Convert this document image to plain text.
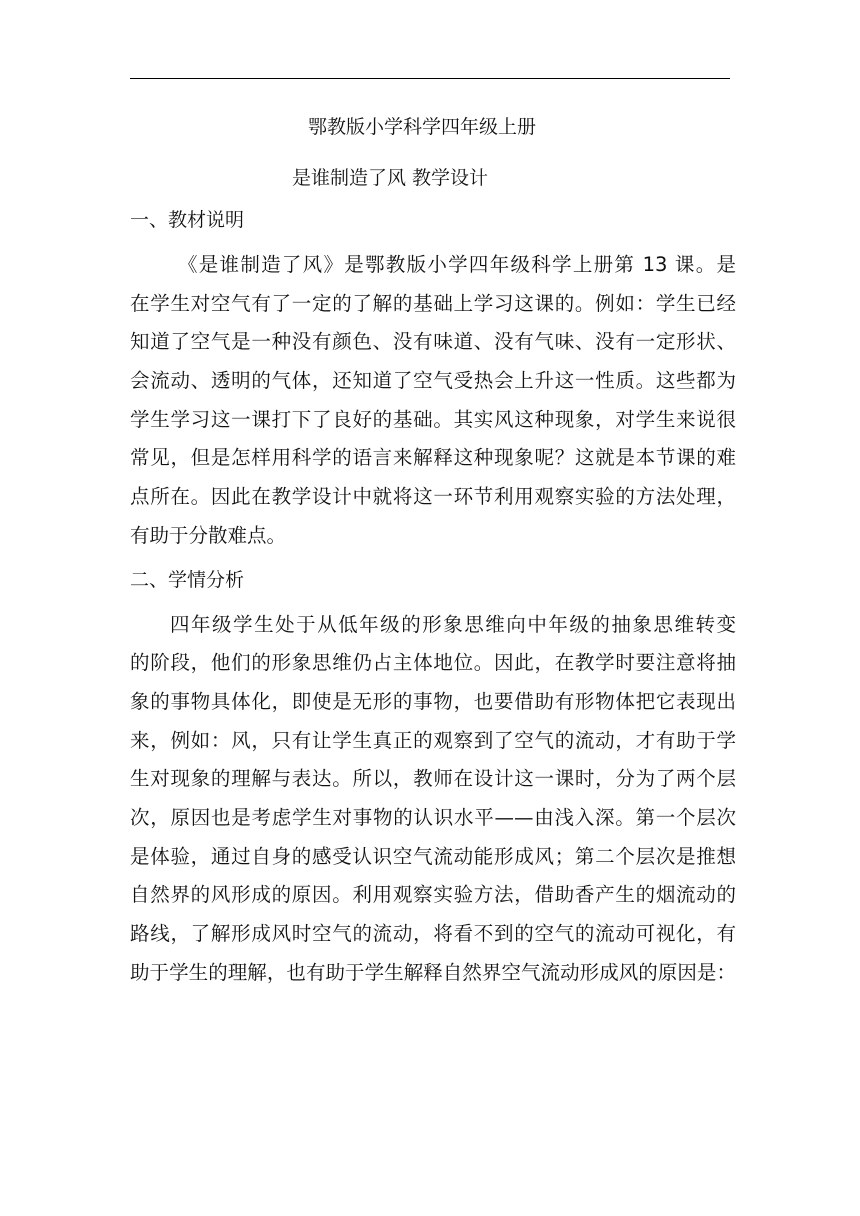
鄂教版小学科学四年级上册

是谁制造了风 教学设计

一、教材说明

《是谁制造了风》是鄂教版小学四年级科学上册第 13 课。是
在学生对空气有了一定的了解的基础上学习这课的。例如：学生已经
知道了空气是一种没有颜色、没有味道、没有气味、没有一定形状、
会流动、透明的气体，还知道了空气受热会上升这一性质。这些都为
学生学习这一课打下了良好的基础。其实风这种现象，对学生来说很
常见，但是怎样用科学的语言来解释这种现象呢？这就是本节课的难
点所在。因此在教学设计中就将这一环节利用观察实验的方法处理，
有助于分散难点。

二、学情分析

四年级学生处于从低年级的形象思维向中年级的抽象思维转变
的阶段，他们的形象思维仍占主体地位。因此，在教学时要注意将抽
象的事物具体化，即使是无形的事物，也要借助有形物体把它表现出
来，例如：风，只有让学生真正的观察到了空气的流动，才有助于学
生对现象的理解与表达。所以，教师在设计这一课时，分为了两个层
次，原因也是考虑学生对事物的认识水平——由浅入深。第一个层次
是体验，通过自身的感受认识空气流动能形成风；第二个层次是推想
自然界的风形成的原因。利用观察实验方法，借助香产生的烟流动的
路线，了解形成风时空气的流动，将看不到的空气的流动可视化，有
助于学生的理解，也有助于学生解释自然界空气流动形成风的原因是：
